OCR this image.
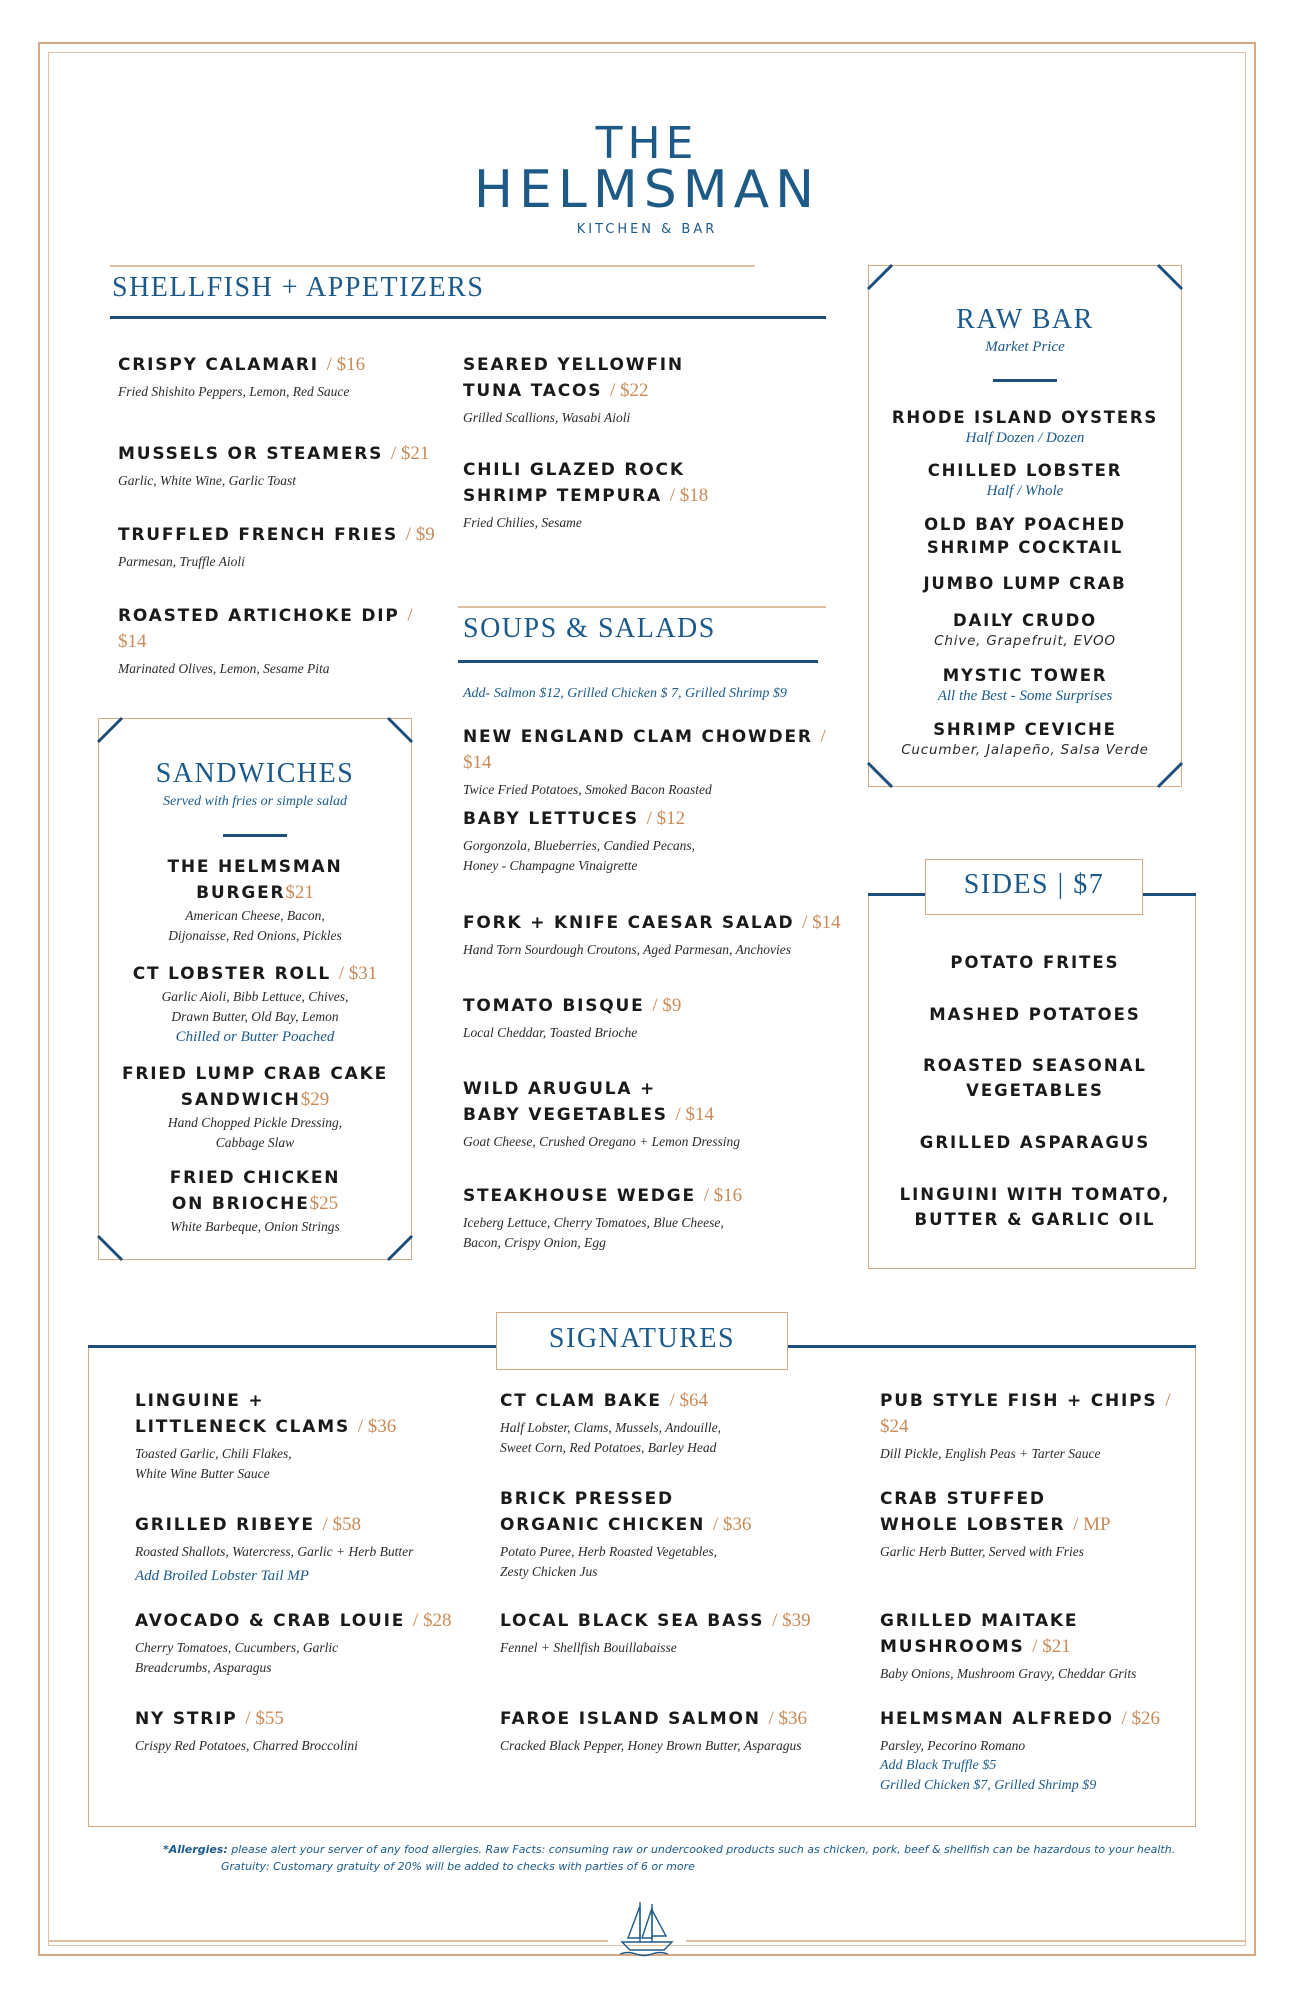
THE
HELMSMAN
KITCHEN & BAR
SHELLFISH + APPETIZERS
CRISPY CALAMARI / $16
Fried Shishito Peppers, Lemon, Red Sauce
MUSSELS OR STEAMERS / $21
Garlic, White Wine, Garlic Toast
TRUFFLED FRENCH FRIES / $9
Parmesan, Truffle Aioli
ROASTED ARTICHOKE DIP / $14
Marinated Olives, Lemon, Sesame Pita
SEARED YELLOWFIN
TUNA TACOS / $22
Grilled Scallions, Wasabi Aioli
CHILI GLAZED ROCK
SHRIMP TEMPURA / $18
Fried Chilies, Sesame
RAW BAR
Market Price
RHODE ISLAND OYSTERS
Half Dozen / Dozen
CHILLED LOBSTER
Half / Whole
OLD BAY POACHED
SHRIMP COCKTAIL
JUMBO LUMP CRAB
DAILY CRUDO
Chive, Grapefruit, EVOO
MYSTIC TOWER
All the Best - Some Surprises
SHRIMP CEVICHE
Cucumber, Jalapeño, Salsa Verde
SOUPS & SALADS
Add- Salmon $12, Grilled Chicken $ 7, Grilled Shrimp $9
NEW ENGLAND CLAM CHOWDER / $14
Twice Fried Potatoes, Smoked Bacon Roasted
BABY LETTUCES / $12
Gorgonzola, Blueberries, Candied Pecans,
Honey - Champagne Vinaigrette
FORK + KNIFE CAESAR SALAD / $14
Hand Torn Sourdough Croutons, Aged Parmesan, Anchovies
TOMATO BISQUE / $9
Local Cheddar, Toasted Brioche
WILD ARUGULA +
BABY VEGETABLES / $14
Goat Cheese, Crushed Oregano + Lemon Dressing
STEAKHOUSE WEDGE / $16
Iceberg Lettuce, Cherry Tomatoes, Blue Cheese,
Bacon, Crispy Onion, Egg
SANDWICHES
Served with fries or simple salad
THE HELMSMAN
BURGER$21
American Cheese, Bacon,
Dijonaisse, Red Onions, Pickles
CT LOBSTER ROLL / $31
Garlic Aioli, Bibb Lettuce, Chives,
Drawn Butter, Old Bay, Lemon
Chilled or Butter Poached
FRIED LUMP CRAB CAKE
SANDWICH$29
Hand Chopped Pickle Dressing,
Cabbage Slaw
FRIED CHICKEN
ON BRIOCHE$25
White Barbeque, Onion Strings
SIDES | $7
POTATO FRITES
MASHED POTATOES
ROASTED SEASONAL
VEGETABLES
GRILLED ASPARAGUS
LINGUINI WITH TOMATO,
BUTTER & GARLIC OIL
SIGNATURES
LINGUINE +
LITTLENECK CLAMS / $36
Toasted Garlic, Chili Flakes,
White Wine Butter Sauce
GRILLED RIBEYE / $58
Roasted Shallots, Watercress, Garlic + Herb Butter
Add Broiled Lobster Tail MP
AVOCADO & CRAB LOUIE / $28
Cherry Tomatoes, Cucumbers, Garlic
Breadcrumbs, Asparagus
NY STRIP / $55
Crispy Red Potatoes, Charred Broccolini
CT CLAM BAKE / $64
Half Lobster, Clams, Mussels, Andouille,
Sweet Corn, Red Potatoes, Barley Head
BRICK PRESSED
ORGANIC CHICKEN / $36
Potato Puree, Herb Roasted Vegetables,
Zesty Chicken Jus
LOCAL BLACK SEA BASS / $39
Fennel + Shellfish Bouillabaisse
FAROE ISLAND SALMON / $36
Cracked Black Pepper, Honey Brown Butter, Asparagus
PUB STYLE FISH + CHIPS / $24
Dill Pickle, English Peas + Tarter Sauce
CRAB STUFFED
WHOLE LOBSTER / MP
Garlic Herb Butter, Served with Fries
GRILLED MAITAKE
MUSHROOMS / $21
Baby Onions, Mushroom Gravy, Cheddar Grits
HELMSMAN ALFREDO / $26
Parsley, Pecorino Romano
Add Black Truffle $5
Grilled Chicken $7, Grilled Shrimp $9
*Allergies: please alert your server of any food allergies. Raw Facts: consuming raw or undercooked products such as chicken, pork, beef & shellfish can be hazardous to your health.
Gratuity: Customary gratuity of 20% will be added to checks with parties of 6 or more
